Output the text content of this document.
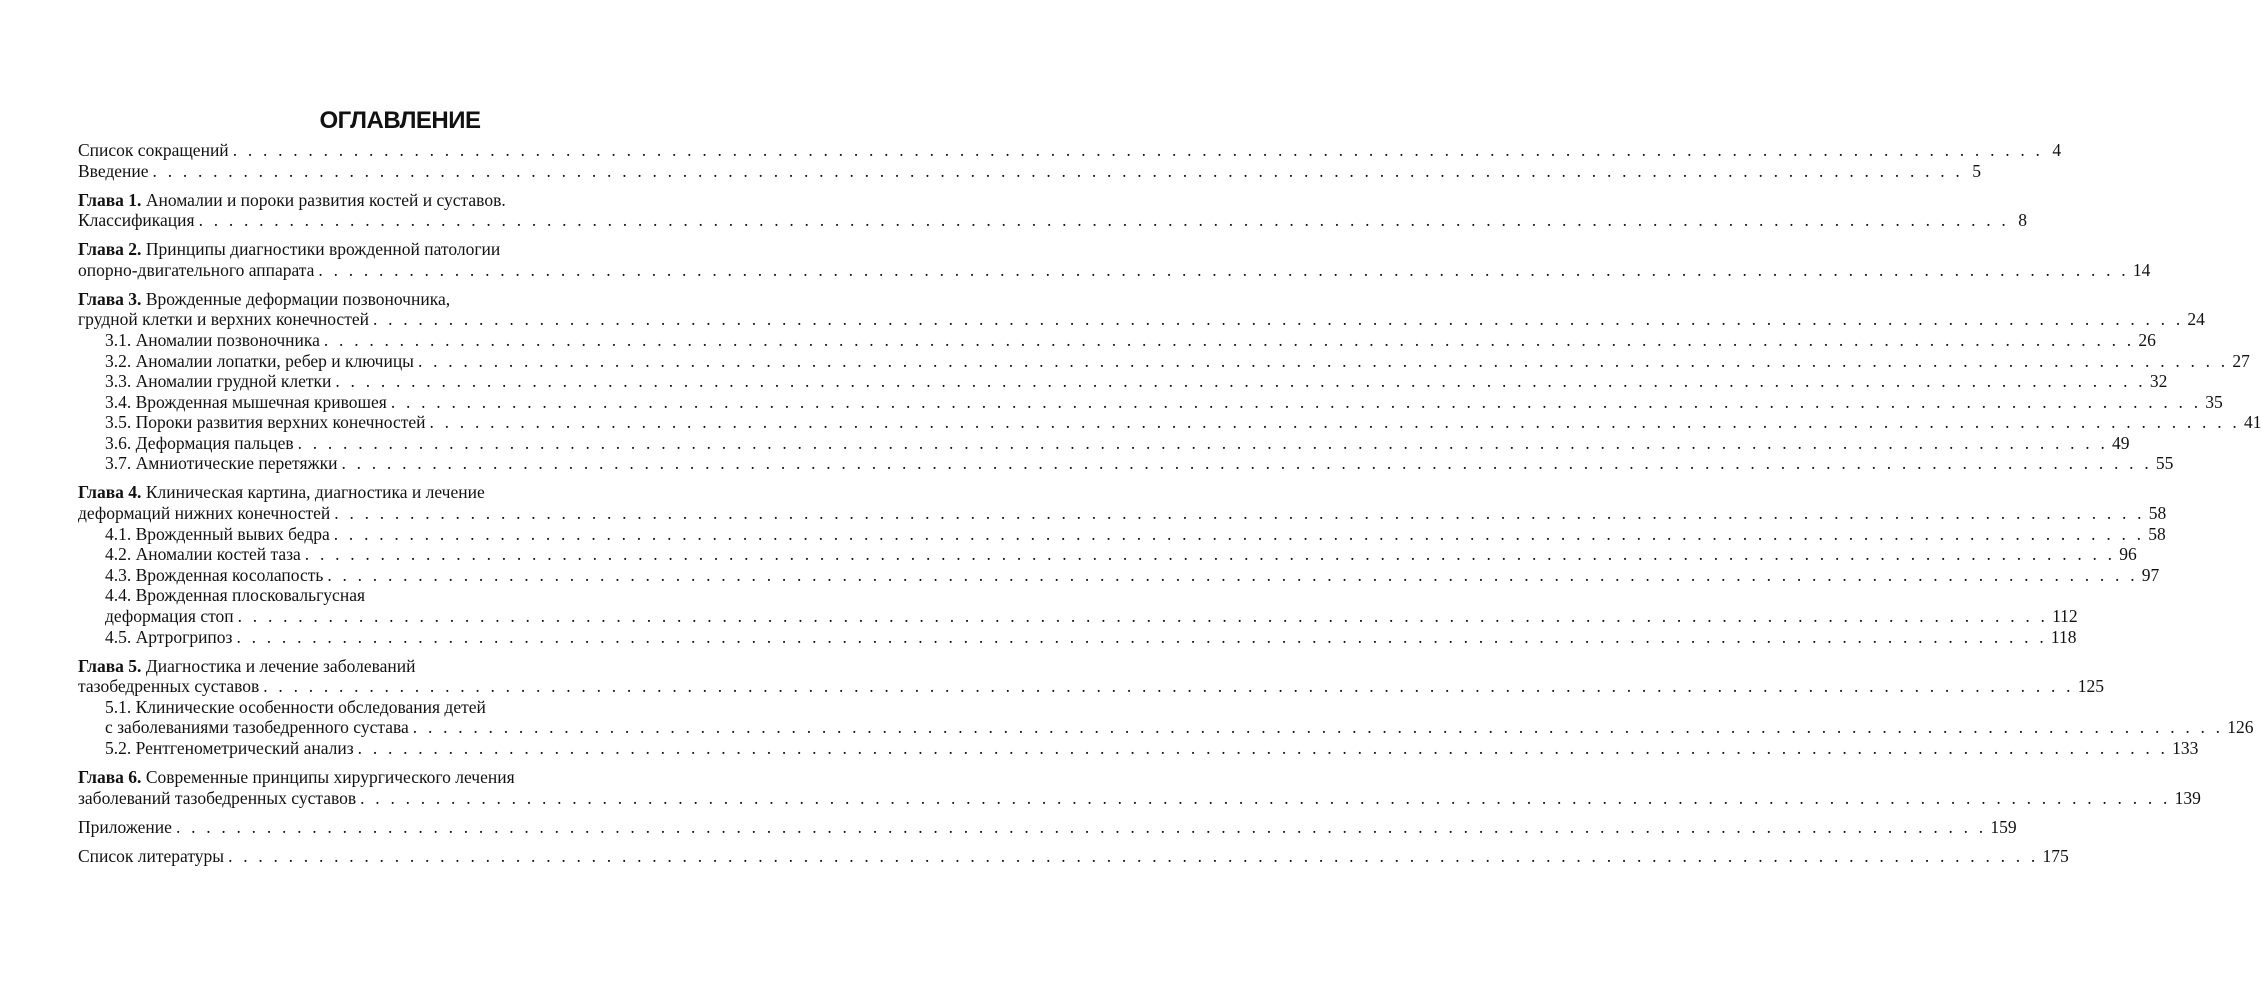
ОГЛАВЛЕНИЕ
Список сокращений . . . . . . . . . . . . . . . . . . . . . . . . . . . . . . . . . . . . . . . . . . . . . . . . . . . . . . . . . . . . . . . . . . . . . . . . . . . . . . . . . . . . . . . . . . . . . . . . . . . . . . . . . . . . . . . . . . . . . . . . 4
Введение . . . . . . . . . . . . . . . . . . . . . . . . . . . . . . . . . . . . . . . . . . . . . . . . . . . . . . . . . . . . . . . . . . . . . . . . . . . . . . . . . . . . . . . . . . . . . . . . . . . . . . . . . . . . . . . . . . . . . . . . 5
Глава 1. Аномалии и пороки развития костей и суставов.
Классификация . . . . . . . . . . . . . . . . . . . . . . . . . . . . . . . . . . . . . . . . . . . . . . . . . . . . . . . . . . . . . . . . . . . . . . . . . . . . . . . . . . . . . . . . . . . . . . . . . . . . . . . . . . . . . . . . . . . . . . . . 8
Глава 2. Принципы диагностики врожденной патологии
опорно-двигательного аппарата . . . . . . . . . . . . . . . . . . . . . . . . . . . . . . . . . . . . . . . . . . . . . . . . . . . . . . . . . . . . . . . . . . . . . . . . . . . . . . . . . . . . . . . . . . . . . . . . . . . . . . . . . . . . . . . . . . . . . . . . 14
Глава 3. Врожденные деформации позвоночника,
грудной клетки и верхних конечностей . . . . . . . . . . . . . . . . . . . . . . . . . . . . . . . . . . . . . . . . . . . . . . . . . . . . . . . . . . . . . . . . . . . . . . . . . . . . . . . . . . . . . . . . . . . . . . . . . . . . . . . . . . . . . . . . . . . . . . . . 24
3.1. Аномалии позвоночника . . . . . . . . . . . . . . . . . . . . . . . . . . . . . . . . . . . . . . . . . . . . . . . . . . . . . . . . . . . . . . . . . . . . . . . . . . . . . . . . . . . . . . . . . . . . . . . . . . . . . . . . . . . . . . . . . . . . . . . . 26
3.2. Аномалии лопатки, ребер и ключицы . . . . . . . . . . . . . . . . . . . . . . . . . . . . . . . . . . . . . . . . . . . . . . . . . . . . . . . . . . . . . . . . . . . . . . . . . . . . . . . . . . . . . . . . . . . . . . . . . . . . . . . . . . . . . . . . . . . . . . . . 27
3.3. Аномалии грудной клетки . . . . . . . . . . . . . . . . . . . . . . . . . . . . . . . . . . . . . . . . . . . . . . . . . . . . . . . . . . . . . . . . . . . . . . . . . . . . . . . . . . . . . . . . . . . . . . . . . . . . . . . . . . . . . . . . . . . . . . . . 32
3.4. Врожденная мышечная кривошея . . . . . . . . . . . . . . . . . . . . . . . . . . . . . . . . . . . . . . . . . . . . . . . . . . . . . . . . . . . . . . . . . . . . . . . . . . . . . . . . . . . . . . . . . . . . . . . . . . . . . . . . . . . . . . . . . . . . . . . . 35
3.5. Пороки развития верхних конечностей . . . . . . . . . . . . . . . . . . . . . . . . . . . . . . . . . . . . . . . . . . . . . . . . . . . . . . . . . . . . . . . . . . . . . . . . . . . . . . . . . . . . . . . . . . . . . . . . . . . . . . . . . . . . . . . . . . . . . . . . 41
3.6. Деформация пальцев . . . . . . . . . . . . . . . . . . . . . . . . . . . . . . . . . . . . . . . . . . . . . . . . . . . . . . . . . . . . . . . . . . . . . . . . . . . . . . . . . . . . . . . . . . . . . . . . . . . . . . . . . . . . . . . . . . . . . . . . 49
3.7. Амниотические перетяжки . . . . . . . . . . . . . . . . . . . . . . . . . . . . . . . . . . . . . . . . . . . . . . . . . . . . . . . . . . . . . . . . . . . . . . . . . . . . . . . . . . . . . . . . . . . . . . . . . . . . . . . . . . . . . . . . . . . . . . . . 55
Глава 4. Клиническая картина, диагностика и лечение
деформаций нижних конечностей . . . . . . . . . . . . . . . . . . . . . . . . . . . . . . . . . . . . . . . . . . . . . . . . . . . . . . . . . . . . . . . . . . . . . . . . . . . . . . . . . . . . . . . . . . . . . . . . . . . . . . . . . . . . . . . . . . . . . . . . 58
4.1. Врожденный вывих бедра . . . . . . . . . . . . . . . . . . . . . . . . . . . . . . . . . . . . . . . . . . . . . . . . . . . . . . . . . . . . . . . . . . . . . . . . . . . . . . . . . . . . . . . . . . . . . . . . . . . . . . . . . . . . . . . . . . . . . . . . 58
4.2. Аномалии костей таза . . . . . . . . . . . . . . . . . . . . . . . . . . . . . . . . . . . . . . . . . . . . . . . . . . . . . . . . . . . . . . . . . . . . . . . . . . . . . . . . . . . . . . . . . . . . . . . . . . . . . . . . . . . . . . . . . . . . . . . . 96
4.3. Врожденная косолапость . . . . . . . . . . . . . . . . . . . . . . . . . . . . . . . . . . . . . . . . . . . . . . . . . . . . . . . . . . . . . . . . . . . . . . . . . . . . . . . . . . . . . . . . . . . . . . . . . . . . . . . . . . . . . . . . . . . . . . . . 97
4.4. Врожденная плосковальгусная
деформация стоп . . . . . . . . . . . . . . . . . . . . . . . . . . . . . . . . . . . . . . . . . . . . . . . . . . . . . . . . . . . . . . . . . . . . . . . . . . . . . . . . . . . . . . . . . . . . . . . . . . . . . . . . . . . . . . . . . . . . . . . . 112
4.5. Артрогрипоз . . . . . . . . . . . . . . . . . . . . . . . . . . . . . . . . . . . . . . . . . . . . . . . . . . . . . . . . . . . . . . . . . . . . . . . . . . . . . . . . . . . . . . . . . . . . . . . . . . . . . . . . . . . . . . . . . . . . . . . . 118
Глава 5. Диагностика и лечение заболеваний
тазобедренных суставов . . . . . . . . . . . . . . . . . . . . . . . . . . . . . . . . . . . . . . . . . . . . . . . . . . . . . . . . . . . . . . . . . . . . . . . . . . . . . . . . . . . . . . . . . . . . . . . . . . . . . . . . . . . . . . . . . . . . . . . . 125
5.1. Клинические особенности обследования детей
с заболеваниями тазобедренного сустава . . . . . . . . . . . . . . . . . . . . . . . . . . . . . . . . . . . . . . . . . . . . . . . . . . . . . . . . . . . . . . . . . . . . . . . . . . . . . . . . . . . . . . . . . . . . . . . . . . . . . . . . . . . . . . . . . . . . . . . . 126
5.2. Рентгенометрический анализ . . . . . . . . . . . . . . . . . . . . . . . . . . . . . . . . . . . . . . . . . . . . . . . . . . . . . . . . . . . . . . . . . . . . . . . . . . . . . . . . . . . . . . . . . . . . . . . . . . . . . . . . . . . . . . . . . . . . . . . . 133
Глава 6. Современные принципы хирургического лечения
заболеваний тазобедренных суставов . . . . . . . . . . . . . . . . . . . . . . . . . . . . . . . . . . . . . . . . . . . . . . . . . . . . . . . . . . . . . . . . . . . . . . . . . . . . . . . . . . . . . . . . . . . . . . . . . . . . . . . . . . . . . . . . . . . . . . . . 139
Приложение . . . . . . . . . . . . . . . . . . . . . . . . . . . . . . . . . . . . . . . . . . . . . . . . . . . . . . . . . . . . . . . . . . . . . . . . . . . . . . . . . . . . . . . . . . . . . . . . . . . . . . . . . . . . . . . . . . . . . . . . 159
Список литературы . . . . . . . . . . . . . . . . . . . . . . . . . . . . . . . . . . . . . . . . . . . . . . . . . . . . . . . . . . . . . . . . . . . . . . . . . . . . . . . . . . . . . . . . . . . . . . . . . . . . . . . . . . . . . . . . . . . . . . . . 175
